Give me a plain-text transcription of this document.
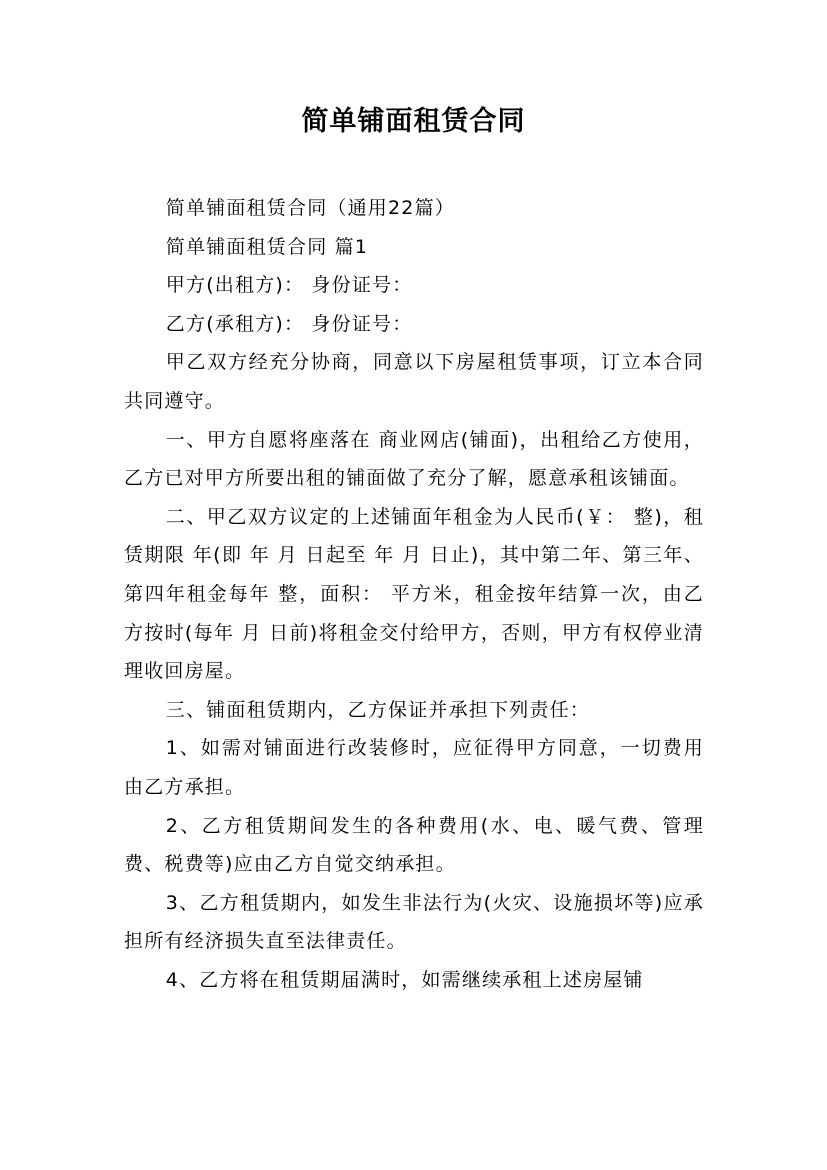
简单铺面租赁合同

简单铺面租赁合同（通用22篇）

简单铺面租赁合同 篇1

甲方(出租方)： 身份证号：

乙方(承租方)： 身份证号：

甲乙双方经充分协商，同意以下房屋租赁事项，订立本合同共同遵守。

一、甲方自愿将座落在 商业网店(铺面)，出租给乙方使用，乙方已对甲方所要出租的铺面做了充分了解，愿意承租该铺面。

二、甲乙双方议定的上述铺面年租金为人民币(￥： 整)，租赁期限 年(即 年 月 日起至 年 月 日止)，其中第二年、第三年、第四年租金每年 整，面积： 平方米，租金按年结算一次，由乙方按时(每年 月 日前)将租金交付给甲方，否则，甲方有权停业清理收回房屋。

三、铺面租赁期内，乙方保证并承担下列责任：

1、如需对铺面进行改装修时，应征得甲方同意，一切费用由乙方承担。

2、乙方租赁期间发生的各种费用(水、电、暖气费、管理费、税费等)应由乙方自觉交纳承担。

3、乙方租赁期内，如发生非法行为(火灾、设施损坏等)应承担所有经济损失直至法律责任。

4、乙方将在租赁期届满时，如需继续承租上述房屋铺
